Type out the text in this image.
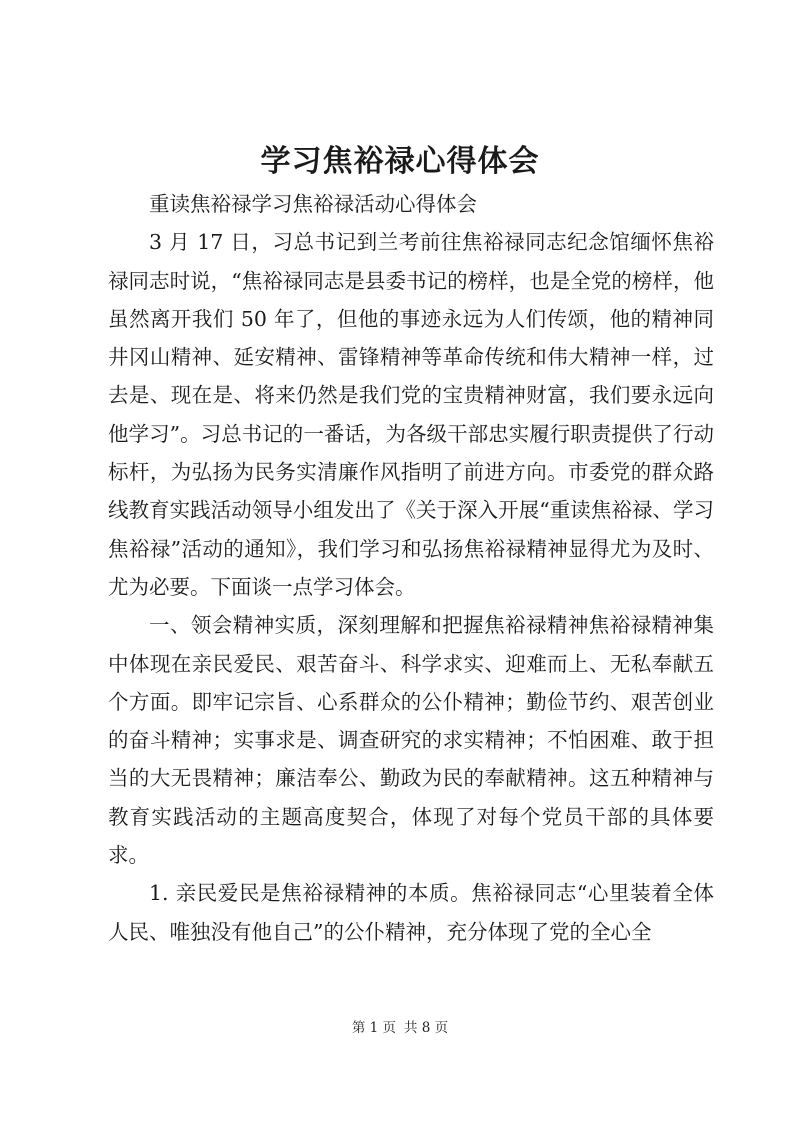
学习焦裕禄心得体会

重读焦裕禄学习焦裕禄活动心得体会

3 月 17 日，习总书记到兰考前往焦裕禄同志纪念馆缅怀焦裕禄同志时说，“焦裕禄同志是县委书记的榜样，也是全党的榜样，他虽然离开我们 50 年了，但他的事迹永远为人们传颂，他的精神同井冈山精神、延安精神、雷锋精神等革命传统和伟大精神一样，过去是、现在是、将来仍然是我们党的宝贵精神财富，我们要永远向他学习”。习总书记的一番话，为各级干部忠实履行职责提供了行动标杆，为弘扬为民务实清廉作风指明了前进方向。市委党的群众路线教育实践活动领导小组发出了《关于深入开展“重读焦裕禄、学习焦裕禄”活动的通知》，我们学习和弘扬焦裕禄精神显得尤为及时、尤为必要。下面谈一点学习体会。

一、领会精神实质，深刻理解和把握焦裕禄精神焦裕禄精神集中体现在亲民爱民、艰苦奋斗、科学求实、迎难而上、无私奉献五个方面。即牢记宗旨、心系群众的公仆精神；勤俭节约、艰苦创业的奋斗精神；实事求是、调查研究的求实精神；不怕困难、敢于担当的大无畏精神；廉洁奉公、勤政为民的奉献精神。这五种精神与教育实践活动的主题高度契合，体现了对每个党员干部的具体要求。

1. 亲民爱民是焦裕禄精神的本质。焦裕禄同志“心里装着全体人民、唯独没有他自己”的公仆精神，充分体现了党的全心全

第 1 页 共 8 页
